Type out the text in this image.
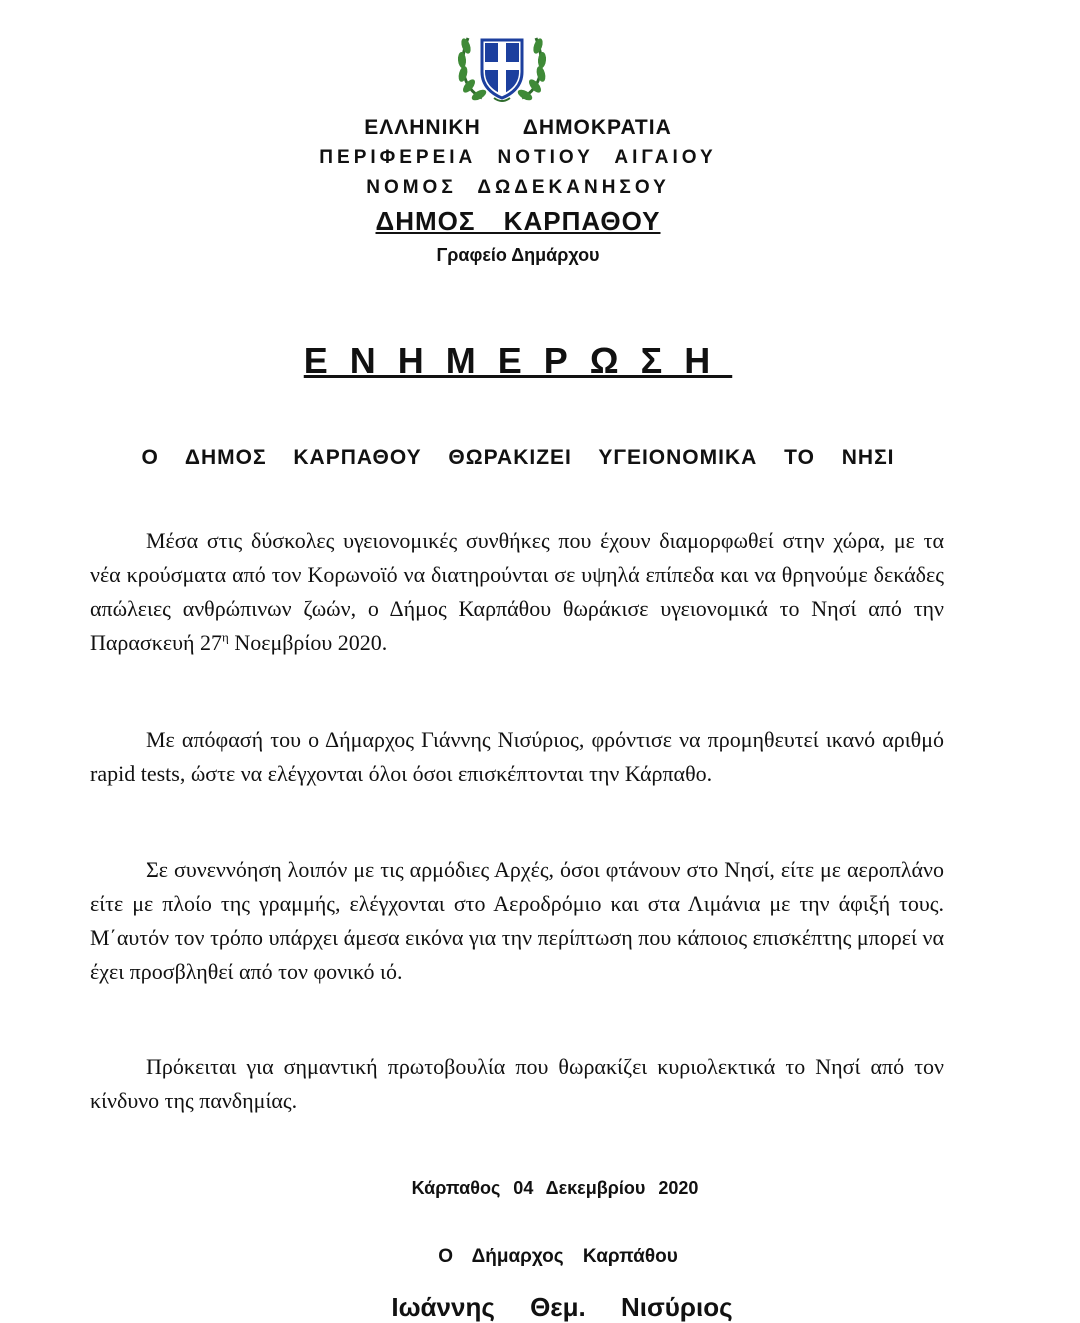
ΕΛΛΗΝΙΚΗ ΔΗΜΟΚΡΑΤΙΑ
ΠΕΡΙΦΕΡΕΙΑ ΝΟΤΙΟΥ ΑΙΓΑΙΟΥ
ΝΟΜΟΣ ΔΩΔΕΚΑΝΗΣΟΥ
ΔΗΜΟΣ ΚΑΡΠΑΘΟΥ
Γραφείο Δημάρχου
ΕΝΗΜΕΡΩΣΗ
Ο ΔΗΜΟΣ ΚΑΡΠΑΘΟΥ ΘΩΡΑΚΙΖΕΙ ΥΓΕΙΟΝΟΜΙΚΑ ΤΟ ΝΗΣΙ

Μέσα στις δύσκολες υγειονομικές συνθήκες που έχουν διαμορφωθεί στην χώρα, με τα νέα κρούσματα από τον Κορωνοϊό να διατηρούνται σε υψηλά επίπεδα και να θρηνούμε δεκάδες απώλειες ανθρώπινων ζωών, ο Δήμος Καρπάθου θωράκισε υγειονομικά το Νησί από την Παρασκευή $27^\eta$ Νοεμβρίου 2020.

Με απόφασή του ο Δήμαρχος Γιάννης Νισύριος, φρόντισε να προμηθευτεί ικανό αριθμό rapid tests, ώστε να ελέγχονται όλοι όσοι επισκέπτονται την Κάρπαθο.

Σε συνεννόηση λοιπόν με τις αρμόδιες Αρχές, όσοι φτάνουν στο Νησί, είτε με αεροπλάνο είτε με πλοίο της γραμμής, ελέγχονται στο Αεροδρόμιο και στα Λιμάνια με την άφιξή τους. Μ΄αυτόν τον τρόπο υπάρχει άμεσα εικόνα για την περίπτωση που κάποιος επισκέπτης μπορεί να έχει προσβληθεί από τον φονικό ιό.

Πρόκειται για σημαντική πρωτοβουλία που θωρακίζει κυριολεκτικά το Νησί από τον κίνδυνο της πανδημίας.

Κάρπαθος 04 Δεκεμβρίου 2020
Ο Δήμαρχος Καρπάθου
Ιωάννης Θεμ. Νισύριος
